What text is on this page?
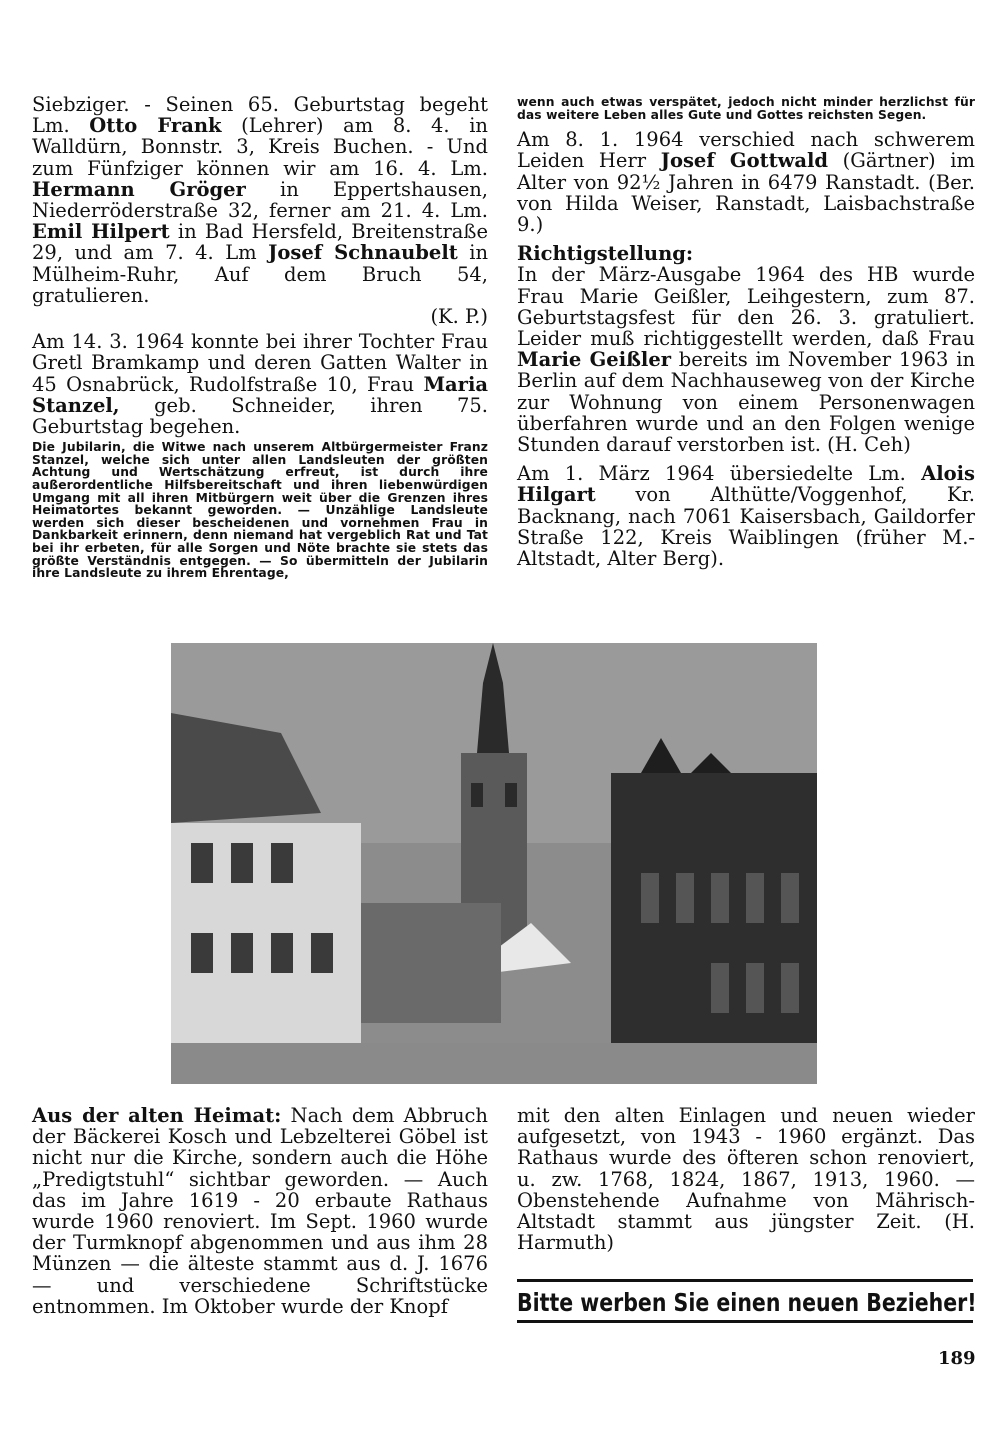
Siebziger. - Seinen 65. Geburtstag begeht Lm. Otto Frank (Lehrer) am 8. 4. in Walldürn, Bonnstr. 3, Kreis Buchen. - Und zum Fünfziger können wir am 16. 4. Lm. Hermann Gröger in Eppertshausen, Niederröderstraße 32, ferner am 21. 4. Lm. Emil Hilpert in Bad Hersfeld, Breitenstraße 29, und am 7. 4. Lm Josef Schnaubelt in Mülheim-Ruhr, Auf dem Bruch 54, gratulieren.

(K. P.)

Am 14. 3. 1964 konnte bei ihrer Tochter Frau Gretl Bramkamp und deren Gatten Walter in 45 Osnabrück, Rudolfstraße 10, Frau Maria Stanzel, geb. Schneider, ihren 75. Geburtstag begehen.

Die Jubilarin, die Witwe nach unserem Altbürgermeister Franz Stanzel, welche sich unter allen Landsleuten der größten Achtung und Wertschätzung erfreut, ist durch ihre außerordentliche Hilfsbereitschaft und ihren liebenwürdigen Umgang mit all ihren Mitbürgern weit über die Grenzen ihres Heimatortes bekannt geworden. — Unzählige Landsleute werden sich dieser bescheidenen und vornehmen Frau in Dankbarkeit erinnern, denn niemand hat vergeblich Rat und Tat bei ihr erbeten, für alle Sorgen und Nöte brachte sie stets das größte Verständnis entgegen. — So übermitteln der Jubilarin ihre Landsleute zu ihrem Ehrentage,

wenn auch etwas verspätet, jedoch nicht minder herzlichst für das weitere Leben alles Gute und Gottes reichsten Segen.

Am 8. 1. 1964 verschied nach schwerem Leiden Herr Josef Gottwald (Gärtner) im Alter von 92½ Jahren in 6479 Ranstadt. (Ber. von Hilda Weiser, Ranstadt, Laisbachstraße 9.)

Richtigstellung:

In der März-Ausgabe 1964 des HB wurde Frau Marie Geißler, Leihgestern, zum 87. Geburtstagsfest für den 26. 3. gratuliert. Leider muß richtiggestellt werden, daß Frau Marie Geißler bereits im November 1963 in Berlin auf dem Nachhauseweg von der Kirche zur Wohnung von einem Personenwagen überfahren wurde und an den Folgen wenige Stunden darauf verstorben ist. (H. Ceh)

Am 1. März 1964 übersiedelte Lm. Alois Hilgart von Althütte/Voggenhof, Kr. Backnang, nach 7061 Kaisersbach, Gaildorfer Straße 122, Kreis Waiblingen (früher M.-Altstadt, Alter Berg).

Aus der alten Heimat: Nach dem Abbruch der Bäckerei Kosch und Lebzelterei Göbel ist nicht nur die Kirche, sondern auch die Höhe „Predigtstuhl“ sichtbar geworden. — Auch das im Jahre 1619 - 20 erbaute Rathaus wurde 1960 renoviert. Im Sept. 1960 wurde der Turmknopf abgenommen und aus ihm 28 Münzen — die älteste stammt aus d. J. 1676 — und verschiedene Schriftstücke entnommen. Im Oktober wurde der Knopf

mit den alten Einlagen und neuen wieder aufgesetzt, von 1943 - 1960 ergänzt. Das Rathaus wurde des öfteren schon renoviert, u. zw. 1768, 1824, 1867, 1913, 1960. — Obenstehende Aufnahme von Mährisch-Altstadt stammt aus jüngster Zeit. (H. Harmuth)

Bitte werben Sie einen neuen Bezieher!
189
